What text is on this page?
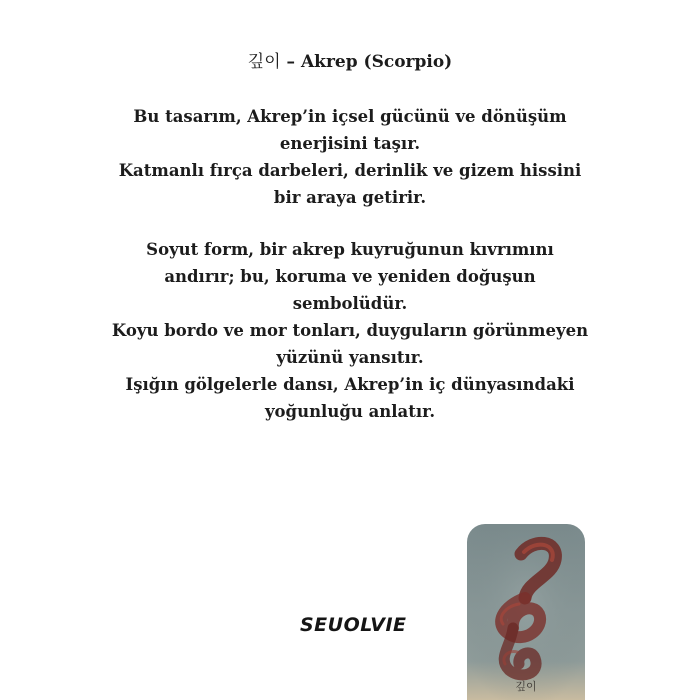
깊이 – Akrep (Scorpio)
Bu tasarım, Akrep’in içsel gücünü ve dönüşüm
enerjisini taşır.
Katmanlı fırça darbeleri, derinlik ve gizem hissini
bir araya getirir.
Soyut form, bir akrep kuyruğunun kıvrımını
andırır; bu, koruma ve yeniden doğuşun
sembolüdür.
Koyu bordo ve mor tonları, duyguların görünmeyen
yüzünü yansıtır.
Işığın gölgelerle dansı, Akrep’in iç dünyasındaki
yoğunluğu anlatır.
SEUOLVIE
깊이
